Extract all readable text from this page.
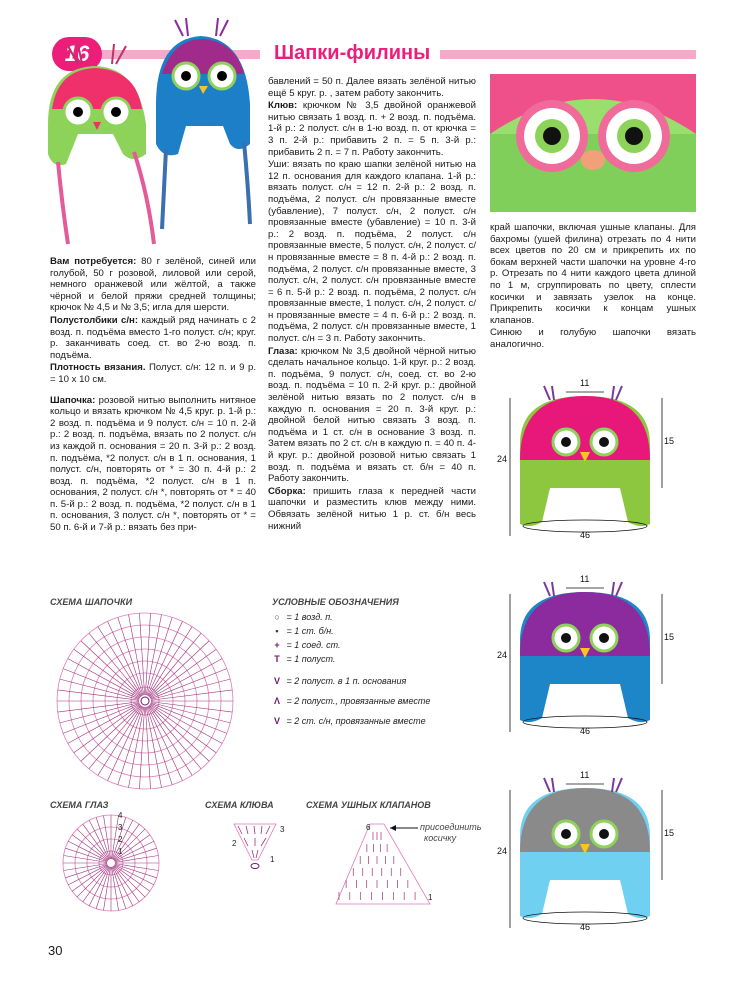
16	Шапки-филины

Вам потребуется: 80 г зелёной, синей или голубой, 50 г розовой, лиловой или серой, немного оранжевой или жёлтой, а также чёрной и белой пряжи средней толщины; крючок № 4,5 и № 3,5; игла для шерсти.

Полустолбики с/н: каждый ряд начинать с 2 возд. п. подъёма вместо 1-го полуст. с/н; круг. р. заканчивать соед. ст. во 2-ю возд. п. подъёма.

Плотность вязания. Полуст. с/н: 12 п. и 9 р. = 10 х 10 см.

Шапочка: розовой нитью выполнить нитяное кольцо и вязать крючком № 4,5 круг. р. 1-й р.: 2 возд. п. подъёма и 9 полуст. с/н = 10 п. 2-й р.: 2 возд. п. подъёма, вязать по 2 полуст. с/н из каждой п. основания = 20 п. 3-й р.: 2 возд. п. подъёма, *2 полуст. с/н в 1 п. основания, 1 полуст. с/н, повторять от * = 30 п. 4-й р.: 2 возд. п. подъёма, *2 полуст. с/н в 1 п. основания, 2 полуст. с/н *, повторять от * = 40 п. 5-й р.: 2 возд. п. подъёма, *2 полуст. с/н в 1 п. основания, 3 полуст. с/н *, повторять от * = 50 п. 6-й и 7-й р.: вязать без при-

бавлений = 50 п. Далее вязать зелёной нитью ещё 5 круг. р. , затем работу закончить.

Клюв: крючком № 3,5 двойной оранжевой нитью связать 1 возд. п. + 2 возд. п. подъёма. 1-й р.: 2 полуст. с/н в 1-ю возд. п. от крючка = 3 п. 2-й р.: прибавить 2 п. = 5 п. 3-й р.: прибавить 2 п. = 7 п. Работу закончить.

Уши: вязать по краю шапки зелёной нитью на 12 п. основания для каждого клапана. 1-й р.: вязать полуст. с/н = 12 п. 2-й р.: 2 возд. п. подъёма, 2 полуст. с/н провязанные вместе (убавление), 7 полуст. с/н, 2 полуст. с/н провязанные вместе (убавление) = 10 п. 3-й р.: 2 возд. п. подъёма, 2 полуст. с/н провязанные вместе, 5 полуст. с/н, 2 полуст. с/н провязанные вместе = 8 п. 4-й р.: 2 возд. п. подъёма, 2 полуст. с/н провязанные вместе, 3 полуст. с/н, 2 полуст. с/н провязанные вместе = 6 п. 5-й р.: 2 возд. п. подъёма, 2 полуст. с/н провязанные вместе, 1 полуст. с/н, 2 полуст. с/н провязанные вместе = 4 п. 6-й р.: 2 возд. п. подъёма, 2 полуст. с/н провязанные вместе, 1 полуст. с/н = 3 п. Работу закончить.

Глаза: крючком № 3,5 двойной чёрной нитью сделать начальное кольцо. 1-й круг. р.: 2 возд. п. подъёма, 9 полуст. с/н, соед. ст. во 2-ю возд. п. подъёма = 10 п. 2-й круг. р.: двойной зелёной нитью вязать по 2 полуст. с/н в каждую п. основания = 20 п. 3-й круг. р.: двойной белой нитью связать 3 возд. п. подъёма и 1 ст. с/н в основание 3 возд. п. Затем вязать по 2 ст. с/н в каждую п. = 40 п. 4-й круг. р.: двойной розовой нитью связать 1 возд. п. подъёма и вязать ст. б/н = 40 п. Работу закончить.

Сборка: пришить глаза к передней части шапочки и разместить клюв между ними. Обвязать зелёной нитью 1 р. ст. б/н весь нижний

край шапочки, включая ушные клапаны. Для бахромы (ушей филина) отрезать по 4 нити всех цветов по 20 см и прикрепить их по бокам верхней части шапочки на уровне 4-го р. Отрезать по 4 нити каждого цвета длиной по 1 м, сгруппировать по цвету, сплести косички и завязать узелок на конце. Прикрепить косички к концам ушных клапанов.

Синюю и голубую шапочки вязать аналогично.

СХЕМА ШАПОЧКИ
СХЕМА ГЛАЗ	СХЕМА КЛЮВА	СХЕМА УШНЫХ КЛАПАНОВ
присоединить
косичку
4
3
2
1
3
2
1
6
1
УСЛОВНЫЕ ОБОЗНАЧЕНИЯ
○ = 1 возд. п.
• = 1 ст. б/н.
+ = 1 соед. ст.
T = 1 полуст.
V = 2 полуст. в 1 п. основания
Λ = 2 полуст., провязанные вместе
V = 2 ст. с/н, провязанные вместе
11
24
15
46
11
24
15
46
11
24
15
46
30
